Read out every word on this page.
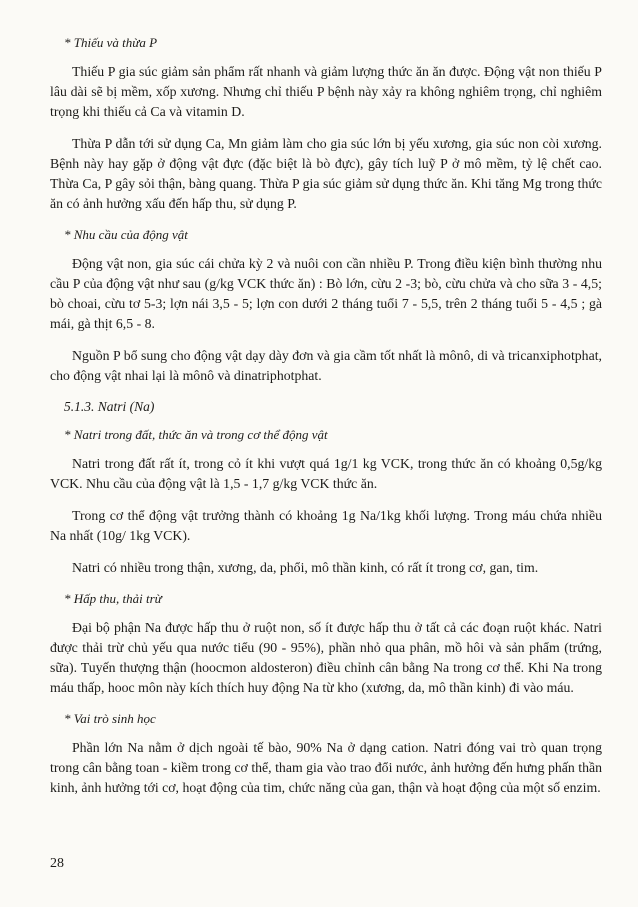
* Thiếu và thừa P

Thiếu P gia súc giảm sản phẩm rất nhanh và giảm lượng thức ăn ăn được. Động vật non thiếu P lâu dài sẽ bị mềm, xốp xương. Nhưng chỉ thiếu P bệnh này xảy ra không nghiêm trọng, chỉ nghiêm trọng khi thiếu cả Ca và vitamin D.

Thừa P dẫn tới sử dụng Ca, Mn giảm làm cho gia súc lớn bị yếu xương, gia súc non còi xương. Bệnh này hay gặp ở động vật đực (đặc biệt là bò đực), gây tích luỹ P ở mô mềm, tỷ lệ chết cao. Thừa Ca, P gây sỏi thận, bàng quang. Thừa P gia súc giảm sử dụng thức ăn. Khi tăng Mg trong thức ăn có ảnh hưởng xấu đến hấp thu, sử dụng P.

* Nhu cầu của động vật

Động vật non, gia súc cái chửa kỳ 2 và nuôi con cần nhiều P. Trong điều kiện bình thường nhu cầu P của động vật như sau (g/kg VCK thức ăn) : Bò lớn, cừu 2 -3; bò, cừu chửa và cho sữa 3 - 4,5; bò choai, cừu tơ 5-3; lợn nái 3,5 - 5; lợn con dưới 2 tháng tuổi 7 - 5,5, trên 2 tháng tuổi 5 - 4,5 ; gà mái, gà thịt 6,5 - 8.

Nguồn P bổ sung cho động vật dạy dày đơn và gia cầm tốt nhất là mônô, di và tricanxiphotphat, cho động vật nhai lại là mônô và dinatriphotphat.

5.1.3. Natri (Na)
* Natri trong đất, thức ăn và trong cơ thể động vật

Natri trong đất rất ít, trong cỏ ít khi vượt quá 1g/1 kg VCK, trong thức ăn có khoảng 0,5g/kg VCK. Nhu cầu của động vật là 1,5 - 1,7 g/kg VCK thức ăn.

Trong cơ thể động vật trưởng thành có khoảng 1g Na/1kg khối lượng. Trong máu chứa nhiều Na nhất (10g/ 1kg VCK).

Natri có nhiều trong thận, xương, da, phổi, mô thần kinh, có rất ít trong cơ, gan, tim.

* Hấp thu, thải trừ

Đại bộ phận Na được hấp thu ở ruột non, số ít được hấp thu ở tất cả các đoạn ruột khác. Natri được thải trừ chủ yếu qua nước tiểu (90 - 95%), phần nhỏ qua phân, mồ hôi và sản phẩm (trứng, sữa). Tuyến thượng thận (hoocmon aldosteron) điều chỉnh cân bằng Na trong cơ thể. Khi Na trong máu thấp, hooc môn này kích thích huy động Na từ kho (xương, da, mô thần kinh) đi vào máu.

* Vai trò sinh học

Phần lớn Na nằm ở dịch ngoài tế bào, 90% Na ở dạng cation. Natri đóng vai trò quan trọng trong cân bằng toan - kiềm trong cơ thể, tham gia vào trao đổi nước, ảnh hưởng đến hưng phấn thần kinh, ảnh hưởng tới cơ, hoạt động của tim, chức năng của gan, thận và hoạt động của một số enzim.

28
